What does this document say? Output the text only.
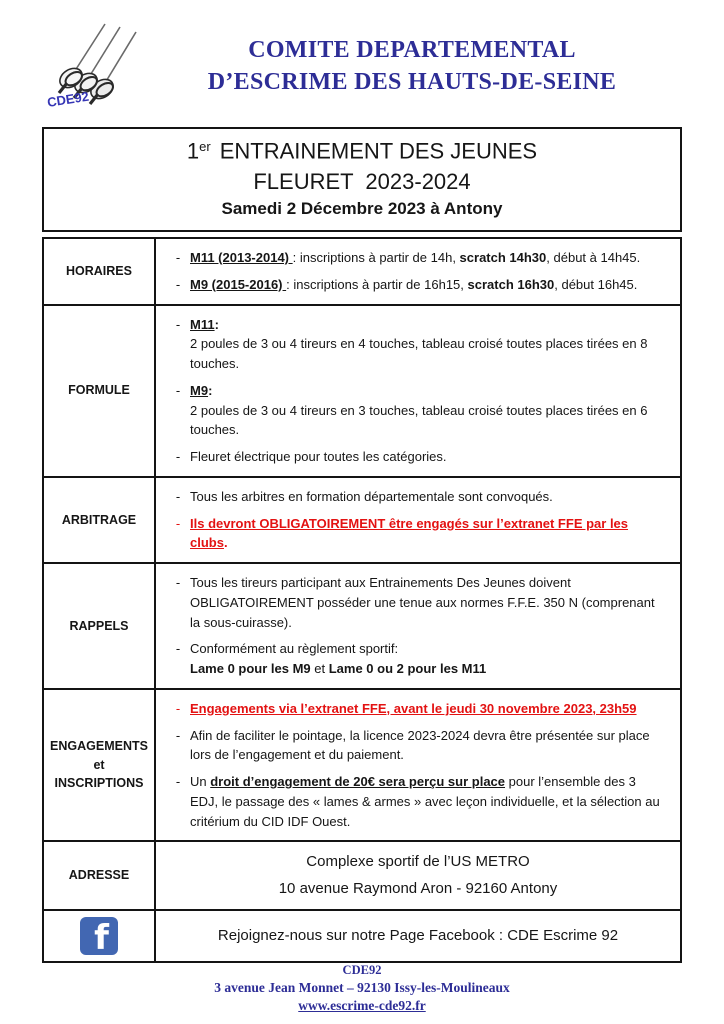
CDE92
COMITE DEPARTEMENTAL
D’ESCRIME DES HAUTS-DE-SEINE
1er ENTRAINEMENT DES JEUNES
FLEURET  2023-2024
Samedi 2 Décembre 2023 à Antony
HORAIRES
- M11 (2013-2014) : inscriptions à partir de 14h, scratch 14h30, début à 14h45.
- M9 (2015-2016) : inscriptions à partir de 16h15, scratch 16h30, début 16h45.
FORMULE
- M11:
2 poules de 3 ou 4 tireurs en 4 touches, tableau croisé toutes places tirées en 8 touches.
- M9:
2 poules de 3 ou 4 tireurs en 3 touches, tableau croisé toutes places tirées en 6 touches.
- Fleuret électrique pour toutes les catégories.
ARBITRAGE
- Tous les arbitres en formation départementale sont convoqués.
- Ils devront OBLIGATOIREMENT être engagés sur l’extranet FFE par les clubs.
RAPPELS
- Tous les tireurs participant aux Entrainements Des Jeunes doivent OBLIGATOIREMENT posséder une tenue aux normes F.F.E. 350 N (comprenant la sous-cuirasse).
- Conformément au règlement sportif:
Lame 0 pour les M9 et Lame 0 ou 2 pour les M11
ENGAGEMENTS
et
INSCRIPTIONS
- Engagements via l’extranet FFE, avant le jeudi 30 novembre 2023, 23h59
- Afin de faciliter le pointage, la licence 2023-2024 devra être présentée sur place lors de l’engagement et du paiement.
- Un droit d’engagement de 20€ sera perçu sur place pour l’ensemble des 3 EDJ, le passage des « lames & armes » avec leçon individuelle, et la sélection au critérium du CID IDF Ouest.
ADRESSE
Complexe sportif de l’US METRO
10 avenue Raymond Aron - 92160 Antony
f	Rejoignez-nous sur notre Page Facebook : CDE Escrime 92
CDE92
3 avenue Jean Monnet – 92130 Issy-les-Moulineaux
www.escrime-cde92.fr
